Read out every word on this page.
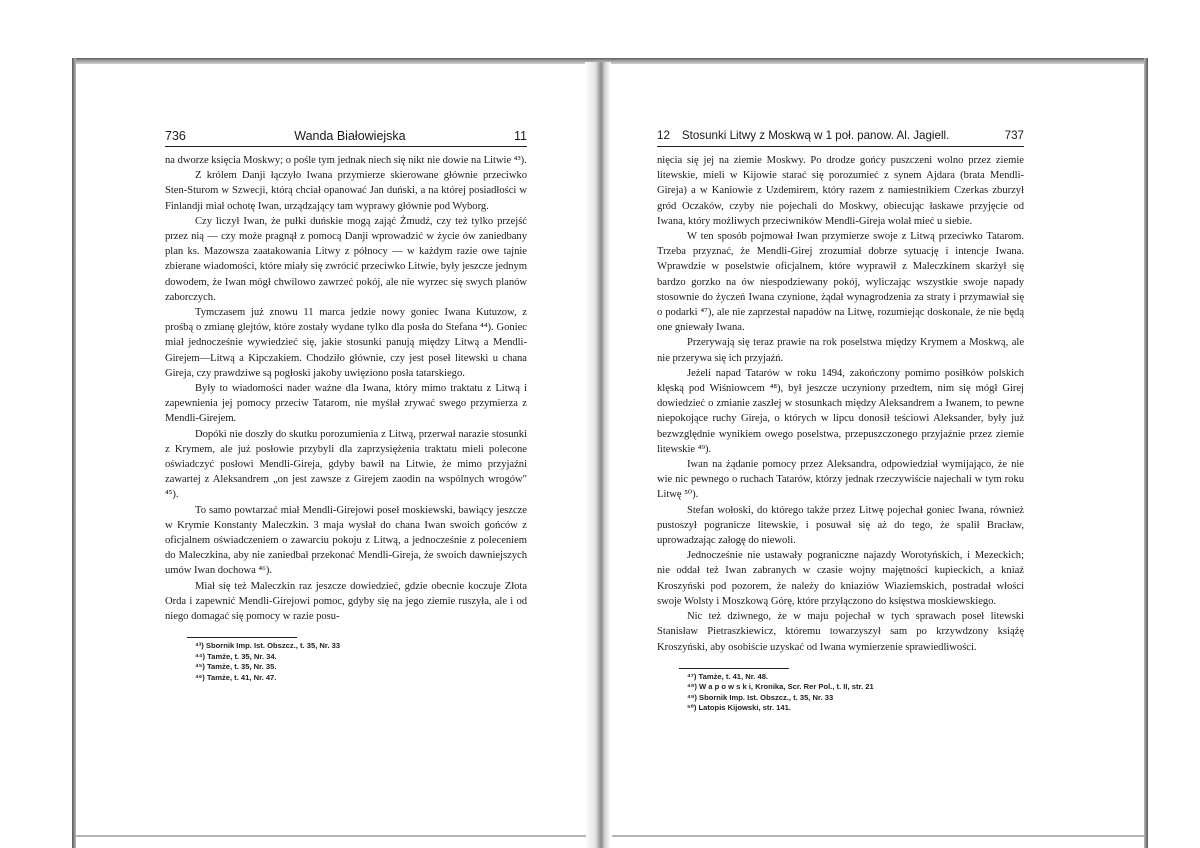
736	Wanda Białowiejska	11

na dworze księcia Moskwy; o pośle tym jednak niech się nikt nie dowie na Litwie ⁴³).

Z królem Danji łączyło Iwana przymierze skierowane głównie przeciwko Sten-Sturom w Szwecji, którą chciał opanować Jan duński, a na której posiadłości w Finlandji miał ochotę Iwan, urządzający tam wyprawy głównie pod Wyborg.

Czy liczył Iwan, że pułki duńskie mogą zająć Żmudź, czy też tylko przejść przez nią — czy może pragnął z pomocą Danji wprowadzić w życie ów zaniedbany plan ks. Mazowsza zaatakowania Litwy z północy — w każdym razie owe tajnie zbierane wiadomości, które miały się zwrócić przeciwko Litwie, były jeszcze jednym dowodem, że Iwan mógł chwilowo zawrzeć pokój, ale nie wyrzec się swych planów zaborczych.

Tymczasem już znowu 11 marca jedzie nowy goniec Iwana Kutuzow, z prośbą o zmianę glejtów, które zostały wydane tylko dla posła do Stefana ⁴⁴). Goniec miał jednocześnie wywiedzieć się, jakie stosunki panują między Litwą a Mendli-Girejem—Litwą a Kipczakiem. Chodziło głównie, czy jest poseł litewski u chana Gireja, czy prawdziwe są pogłoski jakoby uwięziono posła tatarskiego.

Były to wiadomości nader ważne dla Iwana, który mimo traktatu z Litwą i zapewnienia jej pomocy przeciw Tatarom, nie myślał zrywać swego przymierza z Mendli-Girejem.

Dopóki nie doszły do skutku porozumienia z Litwą, przerwał narazie stosunki z Krymem, ale już posłowie przybyli dla zaprzysiężenia traktatu mieli polecone oświadczyć posłowi Mendli-Gireja, gdyby bawił na Litwie, że mimo przyjaźni zawartej z Aleksandrem „on jest zawsze z Girejem zaodin na wspólnych wrogów" ⁴⁵).

To samo powtarzać miał Mendli-Girejowi poseł moskiewski, bawiący jeszcze w Krymie Konstanty Maleczkin. 3 maja wysłał do chana Iwan swoich gońców z oficjalnem oświadczeniem o zawarciu pokoju z Litwą, a jednocześnie z poleceniem do Maleczkina, aby nie zaniedbał przekonać Mendli-Gireja, że swoich dawniejszych umów Iwan dochowa ⁴⁶).

Miał się też Maleczkin raz jeszcze dowiedzieć, gdzie obecnie koczuje Złota Orda i zapewnić Mendli-Girejowi pomoc, gdyby się na jego ziemie ruszyła, ale i od niego domagać się pomocy w razie posu-

⁴³) Sbornik Imp. Ist. Obszcz., t. 35, Nr. 33
⁴⁴) Tamże, t. 35, Nr. 34.
⁴⁵) Tamże, t. 35, Nr. 35.
⁴⁶) Tamże, t. 41, Nr. 47.
12	Stosunki Litwy z Moskwą w 1 poł. panow. Al. Jagiell.	737

nięcia się jej na ziemie Moskwy. Po drodze gońcy puszczeni wolno przez ziemie litewskie, mieli w Kijowie starać się porozumieć z synem Ajdara (brata Mendli-Gireja) a w Kaniowie z Uzdemirem, który razem z namiestnikiem Czerkas zburzył gród Oczaków, czyby nie pojechali do Moskwy, obiecując łaskawe przyjęcie od Iwana, który możliwych przeciwników Mendli-Gireja wolał mieć u siebie.

W ten sposób pojmował Iwan przymierze swoje z Litwą przeciwko Tatarom. Trzeba przyznać, że Mendli-Girej zrozumiał dobrze sytuację i intencje Iwana. Wprawdzie w poselstwie oficjalnem, które wyprawił z Maleczkinem skarżył się bardzo gorzko na ów niespodziewany pokój, wyliczając wszystkie swoje napady stosownie do życzeń Iwana czynione, żądał wynagrodzenia za straty i przymawiał się o podarki ⁴⁷), ale nie zaprzestał napadów na Litwę, rozumiejąc doskonale, że nie będą one gniewały Iwana.

Przerywają się teraz prawie na rok poselstwa między Krymem a Moskwą, ale nie przerywa się ich przyjaźń.

Jeżeli napad Tatarów w roku 1494, zakończony pomimo posiłków polskich klęską pod Wiśniowcem ⁴⁸), był jeszcze uczyniony przedtem, nim się mógł Girej dowiedzieć o zmianie zaszłej w stosunkach między Aleksandrem a Iwanem, to pewne niepokojące ruchy Gireja, o których w lipcu donosił teściowi Aleksander, były już bezwzględnie wynikiem owego poselstwa, przepuszczonego przyjaźnie przez ziemie litewskie ⁴⁹).

Iwan na żądanie pomocy przez Aleksandra, odpowiedział wymijająco, że nie wie nic pewnego o ruchach Tatarów, którzy jednak rzeczywiście najechali w tym roku Litwę ⁵⁰).

Stefan wołoski, do którego także przez Litwę pojechał goniec Iwana, również pustoszył pogranicze litewskie, i posuwał się aż do tego, że spalił Bracław, uprowadzając załogę do niewoli.

Jednocześnie nie ustawały pograniczne najazdy Worotyńskich, i Mezeckich; nie oddał też Iwan zabranych w czasie wojny majętności kupieckich, a kniaź Kroszyński pod pozorem, że należy do kniaziów Wiaziemskich, postradał włości swoje Wolsty i Moszkową Górę, które przyłączono do księstwa moskiewskiego.

Nic też dziwnego, że w maju pojechał w tych sprawach poseł litewski Stanisław Pietraszkiewicz, któremu towarzyszył sam po krzywdzony książę Kroszyński, aby osobiście uzyskać od Iwana wymierzenie sprawiedliwości.

⁴⁷) Tamże, t. 41, Nr. 48.
⁴⁸) W a p o w s k i, Kronika, Scr. Rer Pol., t. II, str. 21
⁴⁹) Sbornik Imp. Ist. Obszcz., t. 35, Nr. 33
⁵⁰) Latopis Kijowski, str. 141.
